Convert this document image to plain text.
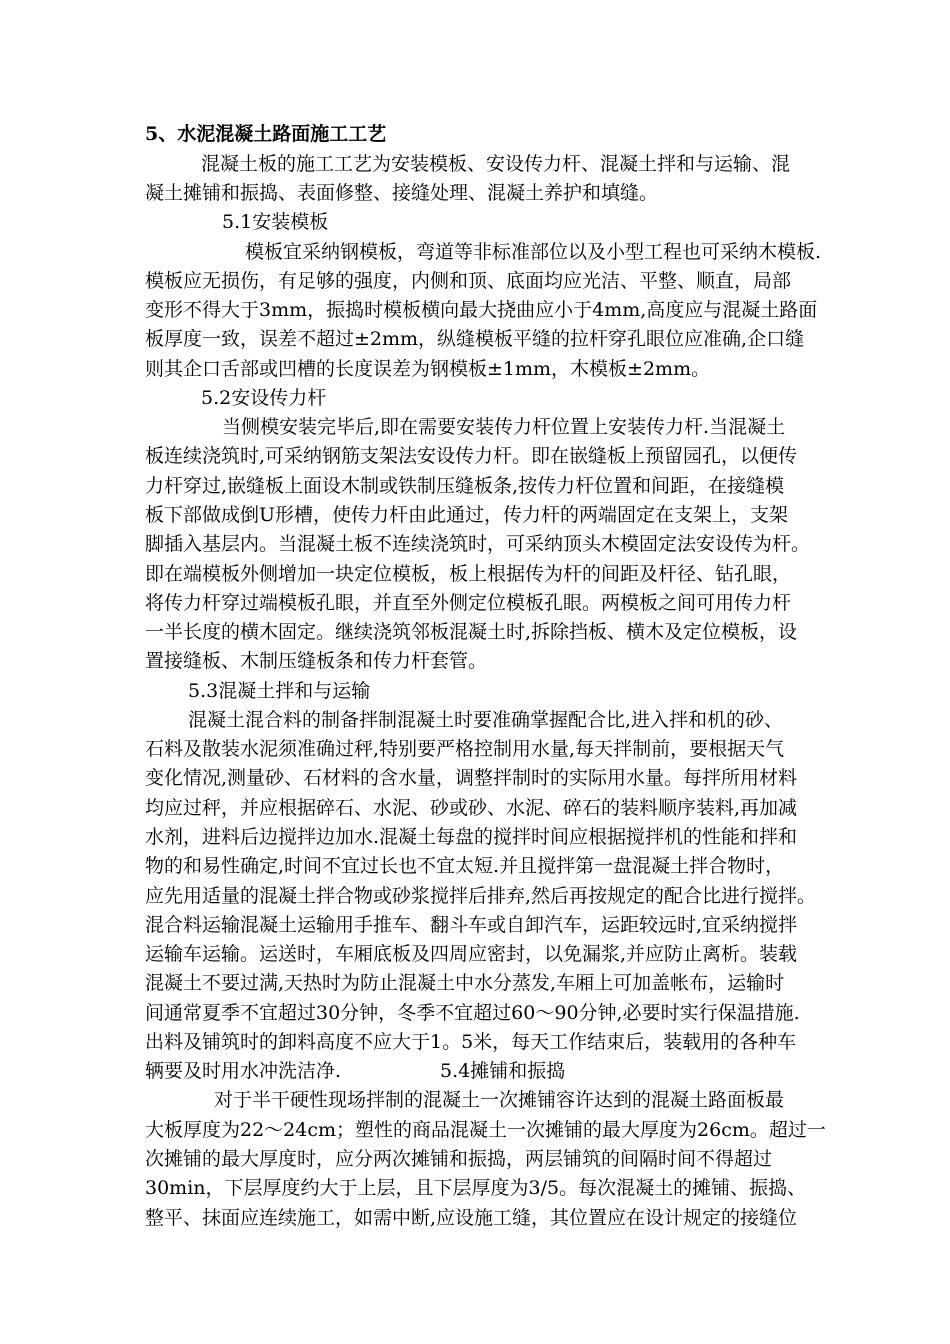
5、水泥混凝土路面施工工艺
混凝土板的施工工艺为安装模板、安设传力杆、混凝土拌和与运输、混
凝土摊铺和振捣、表面修整、接缝处理、混凝土养护和填缝。
5.1安装模板
模板宜采纳钢模板，弯道等非标准部位以及小型工程也可采纳木模板.
模板应无损伤，有足够的强度，内侧和顶、底面均应光洁、平整、顺直，局部
变形不得大于3mm，振捣时模板横向最大挠曲应小于4mm,高度应与混凝土路面
板厚度一致，误差不超过±2mm，纵缝模板平缝的拉杆穿孔眼位应准确,企口缝
则其企口舌部或凹槽的长度误差为钢模板±1mm，木模板±2mm。
5.2安设传力杆
当侧模安装完毕后,即在需要安装传力杆位置上安装传力杆.当混凝土
板连续浇筑时,可采纳钢筋支架法安设传力杆。即在嵌缝板上预留园孔，以便传
力杆穿过,嵌缝板上面设木制或铁制压缝板条,按传力杆位置和间距，在接缝模
板下部做成倒U形槽，使传力杆由此通过，传力杆的两端固定在支架上，支架
脚插入基层内。当混凝土板不连续浇筑时，可采纳顶头木模固定法安设传为杆。
即在端模板外侧增加一块定位模板，板上根据传为杆的间距及杆径、钻孔眼，
将传力杆穿过端模板孔眼，并直至外侧定位模板孔眼。两模板之间可用传力杆
一半长度的横木固定。继续浇筑邻板混凝土时,拆除挡板、横木及定位模板，设
置接缝板、木制压缝板条和传力杆套管。
5.3混凝土拌和与运输
混凝土混合料的制备拌制混凝土时要准确掌握配合比,进入拌和机的砂、
石料及散装水泥须准确过秤,特别要严格控制用水量,每天拌制前，要根据天气
变化情况,测量砂、石材料的含水量，调整拌制时的实际用水量。每拌所用材料
均应过秤，并应根据碎石、水泥、砂或砂、水泥、碎石的装料顺序装料,再加减
水剂，进料后边搅拌边加水.混凝土每盘的搅拌时间应根据搅拌机的性能和拌和
物的和易性确定,时间不宜过长也不宜太短.并且搅拌第一盘混凝土拌合物时，
应先用适量的混凝土拌合物或砂浆搅拌后排弃,然后再按规定的配合比进行搅拌。
混合料运输混凝土运输用手推车、翻斗车或自卸汽车，运距较远时,宜采纳搅拌
运输车运输。运送时，车厢底板及四周应密封，以免漏浆,并应防止离析。装载
混凝土不要过满,天热时为防止混凝土中水分蒸发,车厢上可加盖帐布，运输时
间通常夏季不宜超过30分钟，冬季不宜超过60～90分钟,必要时实行保温措施.
出料及铺筑时的卸料高度不应大于1。5米，每天工作结束后，装载用的各种车
辆要及时用水冲洗洁净.	5.4摊铺和振捣
对于半干硬性现场拌制的混凝土一次摊铺容许达到的混凝土路面板最
大板厚度为22～24cm；塑性的商品混凝土一次摊铺的最大厚度为26cm。超过一
次摊铺的最大厚度时，应分两次摊铺和振捣，两层铺筑的间隔时间不得超过
30min，下层厚度约大于上层，且下层厚度为3/5。每次混凝土的摊铺、振捣、
整平、抹面应连续施工，如需中断,应设施工缝，其位置应在设计规定的接缝位
